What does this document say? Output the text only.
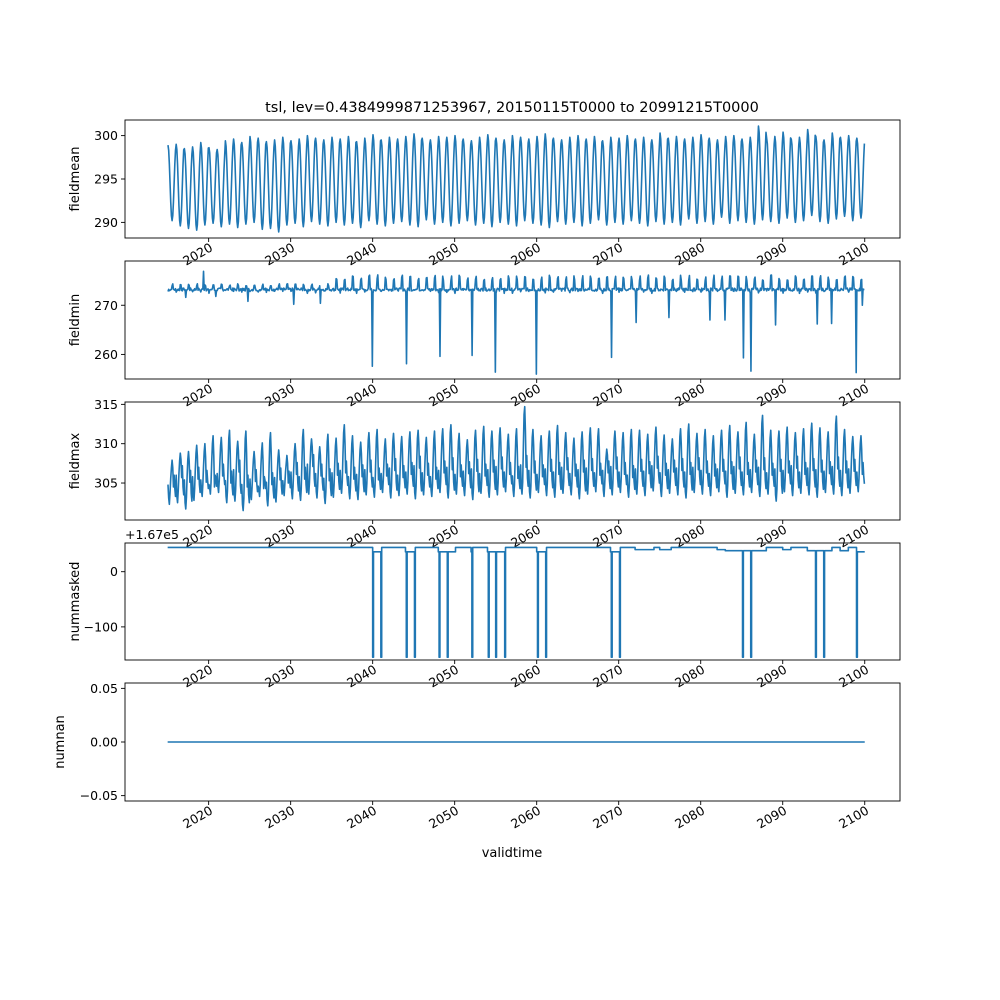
tsl, lev=0.4384999871253967, 20150115T0000 to 20991215T0000
validtime
290
295
300
2020	2030	2040	2050	2060	2070	2080	2090	2100
fieldmean
260
270
2020	2030	2040	2050	2060	2070	2080	2090	2100
fieldmin
305
310
315
2020	2030	2040	2050	2060	2070	2080	2090	2100
fieldmax
0
−100
2020	2030	2040	2050	2060	2070	2080	2090	2100
nummasked
+1.67e5
0.05
0.00
−0.05
2020	2030	2040	2050	2060	2070	2080	2090	2100
numnan
